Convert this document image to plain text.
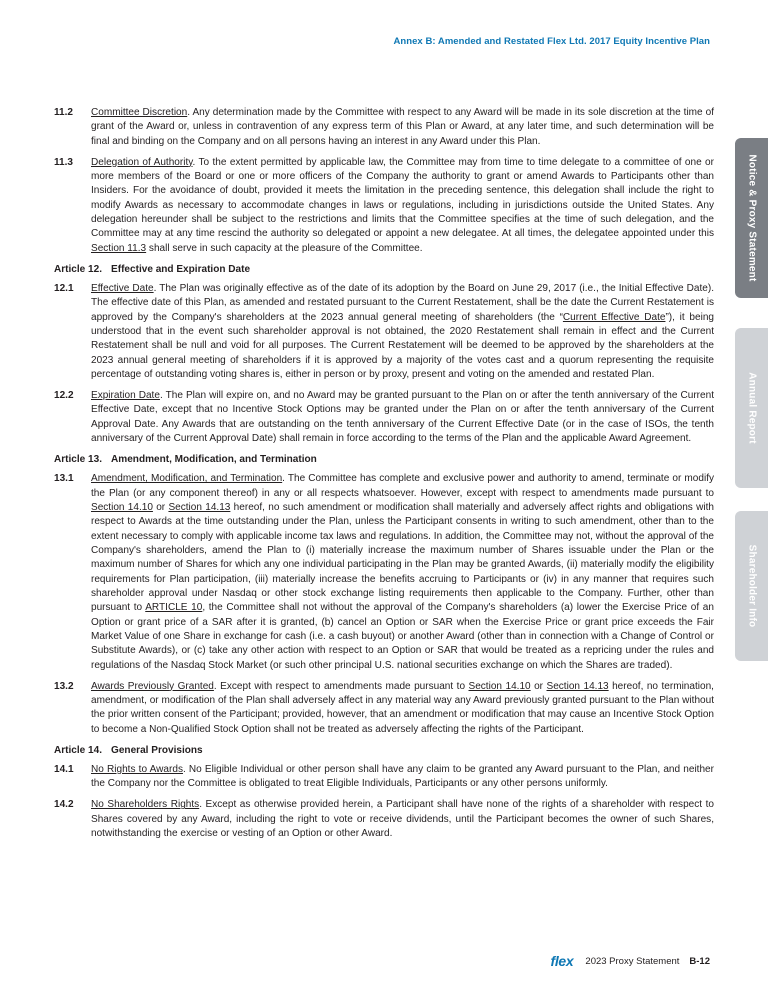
Annex B: Amended and Restated Flex Ltd. 2017 Equity Incentive Plan
Notice & Proxy Statement
Annual Report
Shareholder Info
11.2	Committee Discretion. Any determination made by the Committee with respect to any Award will be made in its sole discretion at the time of grant of the Award or, unless in contravention of any express term of this Plan or Award, at any later time, and such determination will be final and binding on the Company and on all persons having an interest in any Award under this Plan.
11.3	Delegation of Authority. To the extent permitted by applicable law, the Committee may from time to time delegate to a committee of one or more members of the Board or one or more officers of the Company the authority to grant or amend Awards to Participants other than Insiders. For the avoidance of doubt, provided it meets the limitation in the preceding sentence, this delegation shall include the right to modify Awards as necessary to accommodate changes in laws or regulations, including in jurisdictions outside the United States. Any delegation hereunder shall be subject to the restrictions and limits that the Committee specifies at the time of such delegation, and the Committee may at any time rescind the authority so delegated or appoint a new delegatee. At all times, the delegatee appointed under this Section 11.3 shall serve in such capacity at the pleasure of the Committee.
Article 12. Effective and Expiration Date
12.1	Effective Date. The Plan was originally effective as of the date of its adoption by the Board on June 29, 2017 (i.e., the Initial Effective Date). The effective date of this Plan, as amended and restated pursuant to the Current Restatement, shall be the date the Current Restatement is approved by the Company's shareholders at the 2023 annual general meeting of shareholders (the “Current Effective Date”), it being understood that in the event such shareholder approval is not obtained, the 2020 Restatement shall remain in effect and the Current Restatement shall be null and void for all purposes. The Current Restatement will be deemed to be approved by the shareholders at the 2023 annual general meeting of shareholders if it is approved by a majority of the votes cast and a quorum representing the requisite percentage of outstanding voting shares is, either in person or by proxy, present and voting on the amended and restated Plan.
12.2	Expiration Date. The Plan will expire on, and no Award may be granted pursuant to the Plan on or after the tenth anniversary of the Current Effective Date, except that no Incentive Stock Options may be granted under the Plan on or after the tenth anniversary of the Current Approval Date. Any Awards that are outstanding on the tenth anniversary of the Current Effective Date (or in the case of ISOs, the tenth anniversary of the Current Approval Date) shall remain in force according to the terms of the Plan and the applicable Award Agreement.
Article 13. Amendment, Modification, and Termination
13.1	Amendment, Modification, and Termination. The Committee has complete and exclusive power and authority to amend, terminate or modify the Plan (or any component thereof) in any or all respects whatsoever. However, except with respect to amendments made pursuant to Section 14.10 or Section 14.13 hereof, no such amendment or modification shall materially and adversely affect rights and obligations with respect to Awards at the time outstanding under the Plan, unless the Participant consents in writing to such amendment, other than to the extent necessary to comply with applicable income tax laws and regulations. In addition, the Committee may not, without the approval of the Company's shareholders, amend the Plan to (i) materially increase the maximum number of Shares issuable under the Plan or the maximum number of Shares for which any one individual participating in the Plan may be granted Awards, (ii) materially modify the eligibility requirements for Plan participation, (iii) materially increase the benefits accruing to Participants or (iv) in any manner that requires such shareholder approval under Nasdaq or other stock exchange listing requirements then applicable to the Company. Further, other than pursuant to ARTICLE 10, the Committee shall not without the approval of the Company's shareholders (a) lower the Exercise Price of an Option or grant price of a SAR after it is granted, (b) cancel an Option or SAR when the Exercise Price or grant price exceeds the Fair Market Value of one Share in exchange for cash (i.e. a cash buyout) or another Award (other than in connection with a Change of Control or Substitute Awards), or (c) take any other action with respect to an Option or SAR that would be treated as a repricing under the rules and regulations of the Nasdaq Stock Market (or such other principal U.S. national securities exchange on which the Shares are traded).
13.2	Awards Previously Granted. Except with respect to amendments made pursuant to Section 14.10 or Section 14.13 hereof, no termination, amendment, or modification of the Plan shall adversely affect in any material way any Award previously granted pursuant to the Plan without the prior written consent of the Participant; provided, however, that an amendment or modification that may cause an Incentive Stock Option to become a Non-Qualified Stock Option shall not be treated as adversely affecting the rights of the Participant.
Article 14. General Provisions
14.1	No Rights to Awards. No Eligible Individual or other person shall have any claim to be granted any Award pursuant to the Plan, and neither the Company nor the Committee is obligated to treat Eligible Individuals, Participants or any other persons uniformly.
14.2	No Shareholders Rights. Except as otherwise provided herein, a Participant shall have none of the rights of a shareholder with respect to Shares covered by any Award, including the right to vote or receive dividends, until the Participant becomes the owner of such Shares, notwithstanding the exercise or vesting of an Option or other Award.
flex 2023 Proxy Statement B-12
